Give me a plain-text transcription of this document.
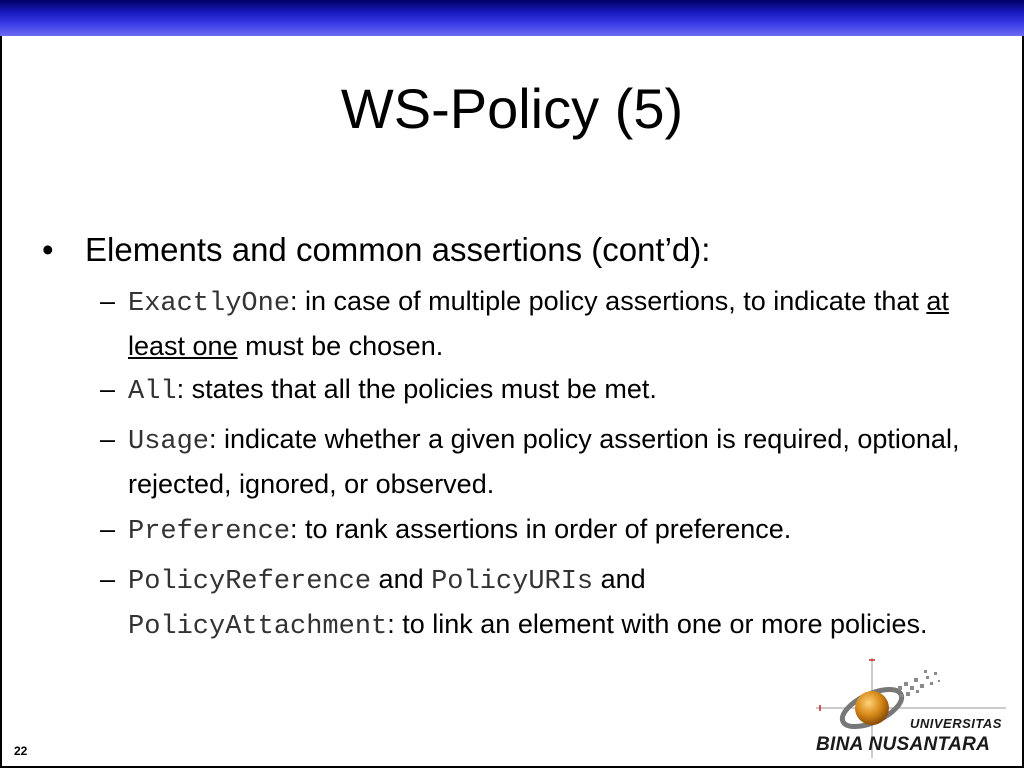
WS-Policy (5)
• Elements and common assertions (cont’d):
– ExactlyOne: in case of multiple policy assertions, to indicate that at least one must be chosen.
– All: states that all the policies must be met.
– Usage: indicate whether a given policy assertion is required, optional, rejected, ignored, or observed.
– Preference: to rank assertions in order of preference.
– PolicyReference and PolicyURIs and
PolicyAttachment: to link an element with one or more policies.
22
UNIVERSITAS
BINA NUSANTARA
